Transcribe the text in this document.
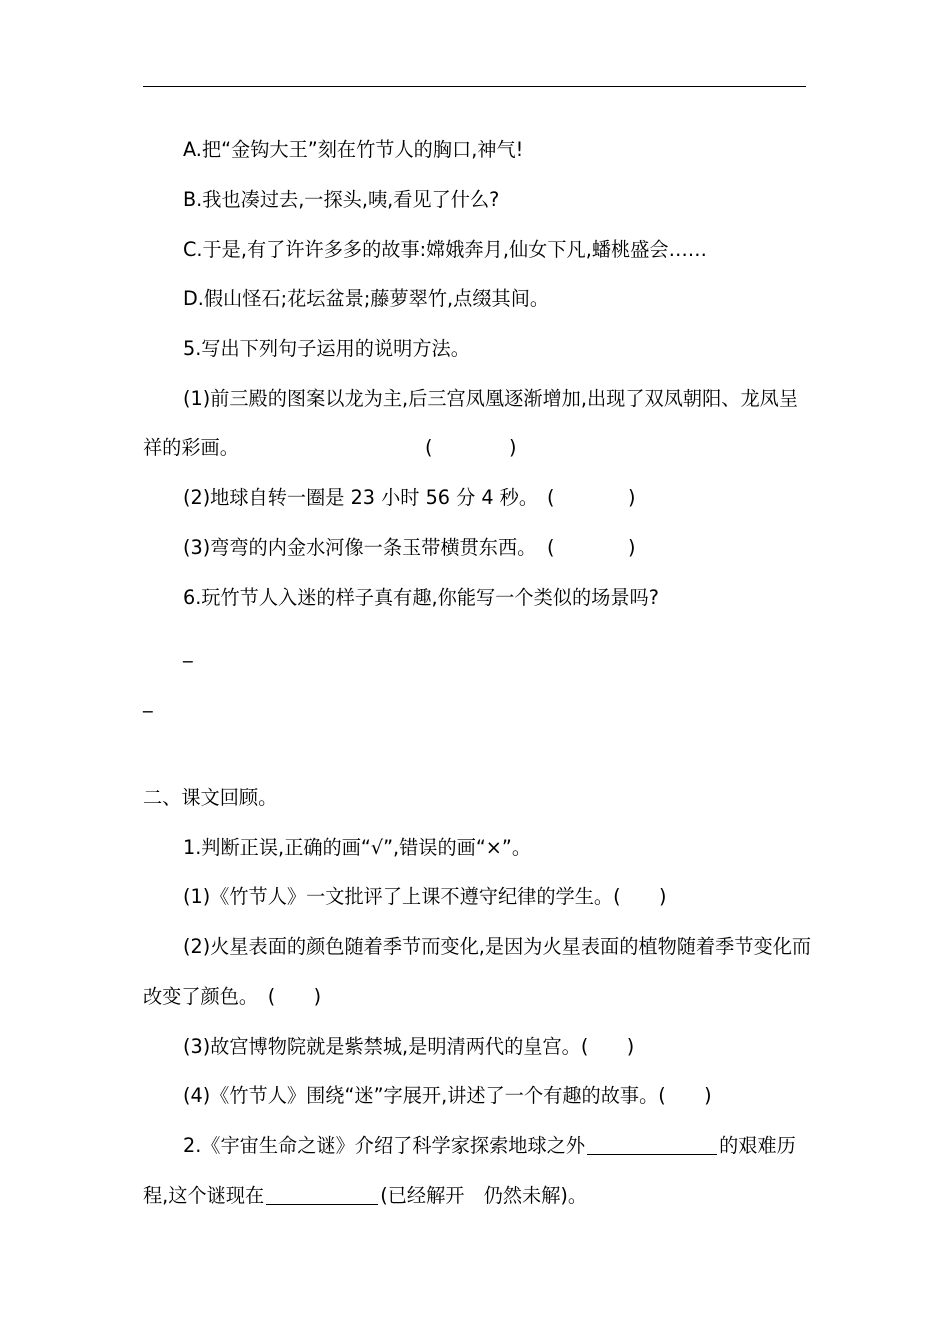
A.把“金钩大王”刻在竹节人的胸口,神气!
B.我也凑过去,一探头,咦,看见了什么?
C.于是,有了许许多多的故事:嫦娥奔月,仙女下凡,蟠桃盛会……
D.假山怪石;花坛盆景;藤萝翠竹,点缀其间。
5.写出下列句子运用的说明方法。
(1)前三殿的图案以龙为主,后三宫凤凰逐渐增加,出现了双凤朝阳、龙凤呈
祥的彩画。	(	)
(2)地球自转一圈是 23 小时 56 分 4 秒。 (	)
(3)弯弯的内金水河像一条玉带横贯东西。 (	)
6.玩竹节人入迷的样子真有趣,你能写一个类似的场景吗?
_
_
二、课文回顾。
1.判断正误,正确的画“√”,错误的画“×”。
(1)《竹节人》一文批评了上课不遵守纪律的学生。(　　)
(2)火星表面的颜色随着季节而变化,是因为火星表面的植物随着季节变化而
改变了颜色。　(　　)
(3)故宫博物院就是紫禁城,是明清两代的皇宫。(　　)
(4)《竹节人》围绕“迷”字展开,讲述了一个有趣的故事。(　　)
2.《宇宙生命之谜》介绍了科学家探索地球之外	的艰难历
程,这个谜现在	(已经解开　仍然未解)。
